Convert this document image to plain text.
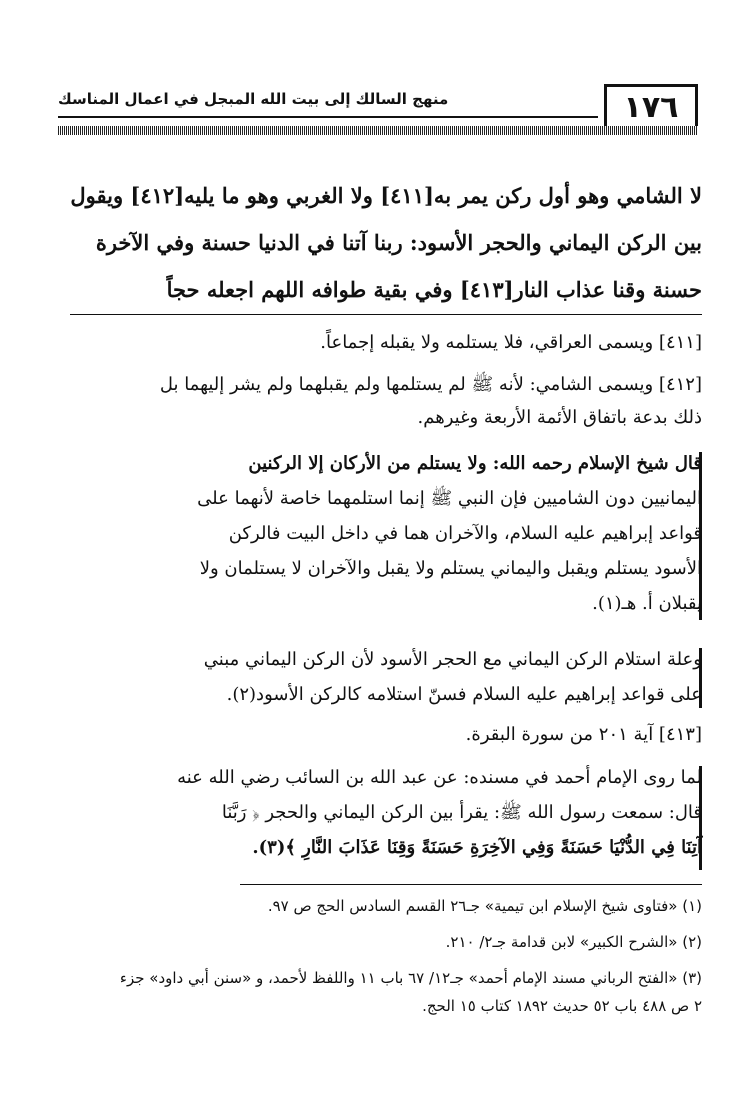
١٧٦
منهج السالك إلى بيت الله المبجل في اعمال المناسك
لا الشامي وهو أول ركن يمر به[٤١١] ولا الغربي وهو ما يليه[٤١٢] ويقول
بين الركن اليماني والحجر الأسود: ربنا آتنا في الدنيا حسنة وفي الآخرة
حسنة وقنا عذاب النار[٤١٣] وفي بقية طوافه اللهم اجعله حجاً
[٤١١] ويسمى العراقي، فلا يستلمه ولا يقبله إجماعاً.
[٤١٢] ويسمى الشامي: لأنه ﷺ لم يستلمها ولم يقبلهما ولم يشر إليهما بل
ذلك بدعة باتفاق الأئمة الأربعة وغيرهم.
قال شيخ الإسلام رحمه الله: ولا يستلم من الأركان إلا الركنين
اليمانيين دون الشاميين فإن النبي ﷺ إنما استلمهما خاصة لأنهما على
قواعد إبراهيم عليه السلام، والآخران هما في داخل البيت فالركن
الأسود يستلم ويقبل واليماني يستلم ولا يقبل والآخران لا يستلمان ولا
يقبلان أ. هـ(١).
وعلة استلام الركن اليماني مع الحجر الأسود لأن الركن اليماني مبني
على قواعد إبراهيم عليه السلام فسنّ استلامه كالركن الأسود(٢).
[٤١٣] آية ٢٠١ من سورة البقرة.
لما روى الإمام أحمد في مسنده: عن عبد الله بن السائب رضي الله عنه
قال: سمعت رسول الله ﷺ: يقرأ بين الركن اليماني والحجر ﴿ رَبَّنَا
آتِنَا فِي الدُّنْيَا حَسَنَةً وَفِي الآخِرَةِ حَسَنَةً وَقِنَا عَذَابَ النَّارِ ﴾(٣).
(١) «فتاوى شيخ الإسلام ابن تيمية» جـ٢٦ القسم السادس الحج ص ٩٧.
(٢) «الشرح الكبير» لابن قدامة جـ٢/ ٢١٠.
(٣) «الفتح الرباني مسند الإمام أحمد» جـ١٢/ ٦٧ باب ١١ واللفظ لأحمد، و «سنن أبي داود» جزء
٢ ص ٤٨٨ باب ٥٢ حديث ١٨٩٢ كتاب ١٥ الحج.
